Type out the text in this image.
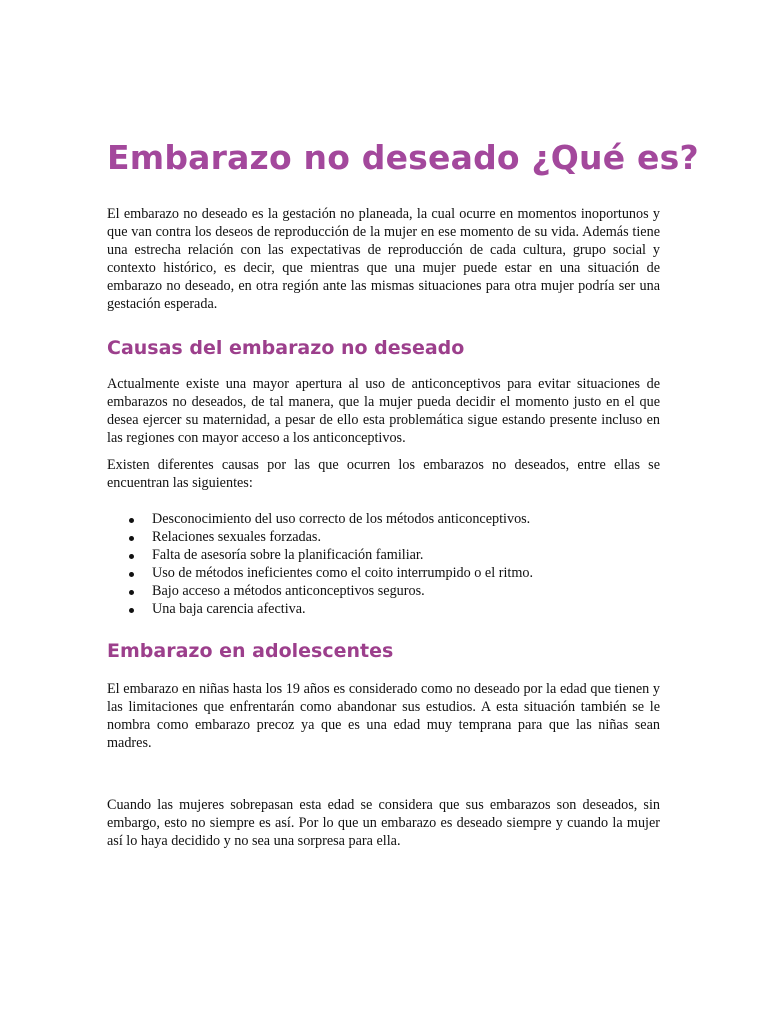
Embarazo no deseado ¿Qué es?

El embarazo no deseado es la gestación no planeada, la cual ocurre en momentos inoportunos y que van contra los deseos de reproducción de la mujer en ese momento de su vida. Además tiene una estrecha relación con las expectativas de reproducción de cada cultura, grupo social y contexto histórico, es decir, que mientras que una mujer puede estar en una situación de embarazo no deseado, en otra región ante las mismas situaciones para otra mujer podría ser una gestación esperada.

Causas del embarazo no deseado

Actualmente existe una mayor apertura al uso de anticonceptivos para evitar situaciones de embarazos no deseados, de tal manera, que la mujer pueda decidir el momento justo en el que desea ejercer su maternidad, a pesar de ello esta problemática sigue estando presente incluso en las regiones con mayor acceso a los anticonceptivos.

Existen diferentes causas por las que ocurren los embarazos no deseados, entre ellas se encuentran las siguientes:

Desconocimiento del uso correcto de los métodos anticonceptivos.
Relaciones sexuales forzadas.
Falta de asesoría sobre la planificación familiar.
Uso de métodos ineficientes como el coito interrumpido o el ritmo.
Bajo acceso a métodos anticonceptivos seguros.
Una baja carencia afectiva.
Embarazo en adolescentes

El embarazo en niñas hasta los 19 años es considerado como no deseado por la edad que tienen y las limitaciones que enfrentarán como abandonar sus estudios. A esta situación también se le nombra como embarazo precoz ya que es una edad muy temprana para que las niñas sean madres.

Cuando las mujeres sobrepasan esta edad se considera que sus embarazos son deseados, sin embargo, esto no siempre es así. Por lo que un embarazo es deseado siempre y cuando la mujer así lo haya decidido y no sea una sorpresa para ella.
